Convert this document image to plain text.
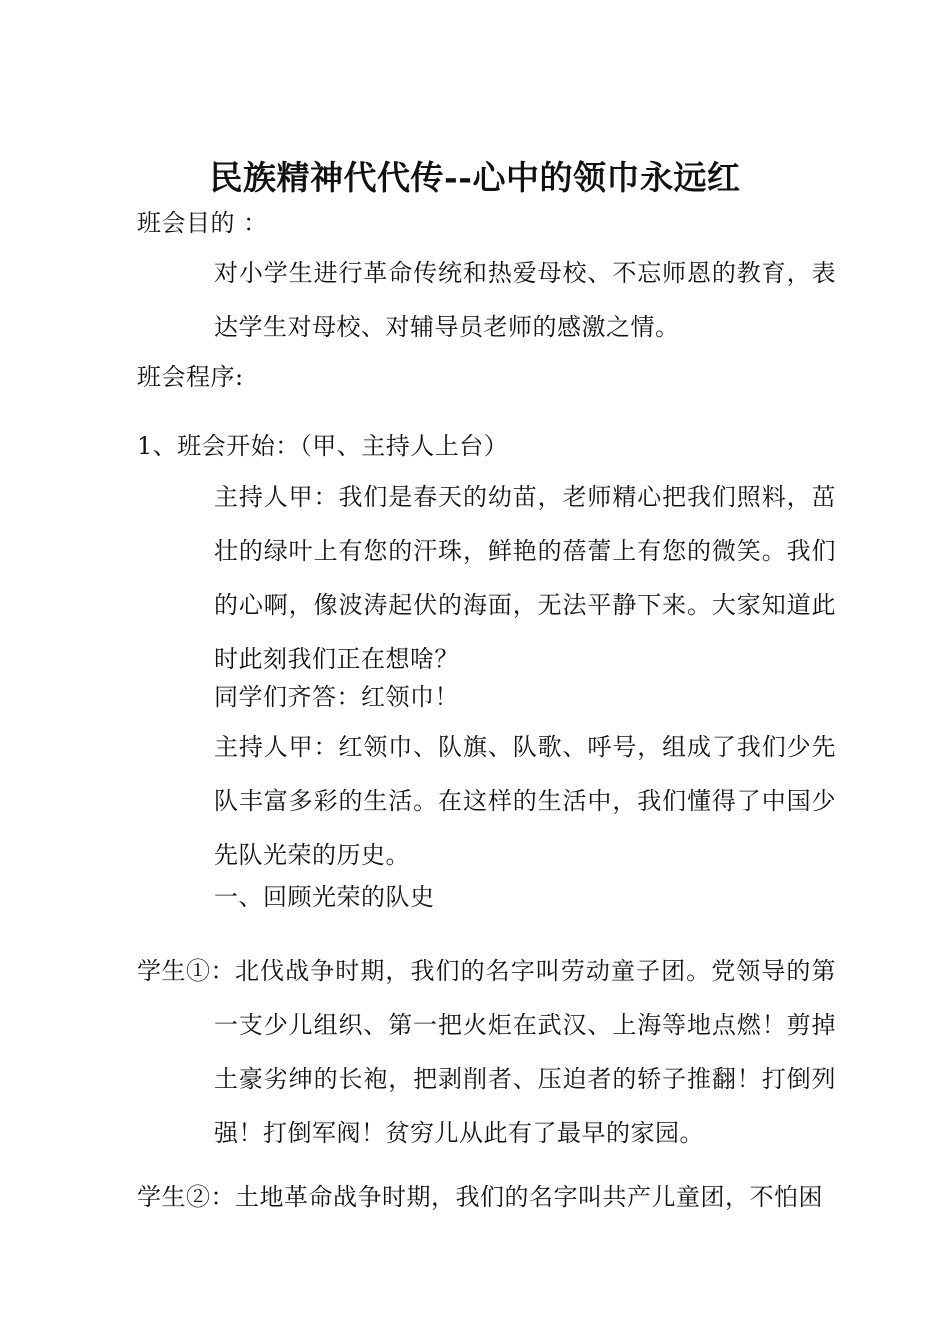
民族精神代代传--心中的领巾永远红
班会目的 ：
对小学生进行革命传统和热爱母校、不忘师恩的教育，表达学生对母校、对辅导员老师的感激之情。
班会程序:
1、班会开始：（甲、主持人上台）
主持人甲：我们是春天的幼苗，老师精心把我们照料，茁壮的绿叶上有您的汗珠，鲜艳的蓓蕾上有您的微笑。我们的心啊，像波涛起伏的海面，无法平静下来。大家知道此时此刻我们正在想啥？
同学们齐答：红领巾！
主持人甲：红领巾、队旗、队歌、呼号，组成了我们少先队丰富多彩的生活。在这样的生活中，我们懂得了中国少先队光荣的历史。
一、回顾光荣的队史
学生①： 北伐战争时期，我们的名字叫劳动童子团。党领导的第一支少儿组织、第一把火炬在武汉、上海等地点燃！剪掉土豪劣绅的长袍，把剥削者、压迫者的轿子推翻！打倒列强！打倒军阀！贫穷儿从此有了最早的家园。
学生②： 土地革命战争时期，我们的名字叫共产儿童团，不怕困
